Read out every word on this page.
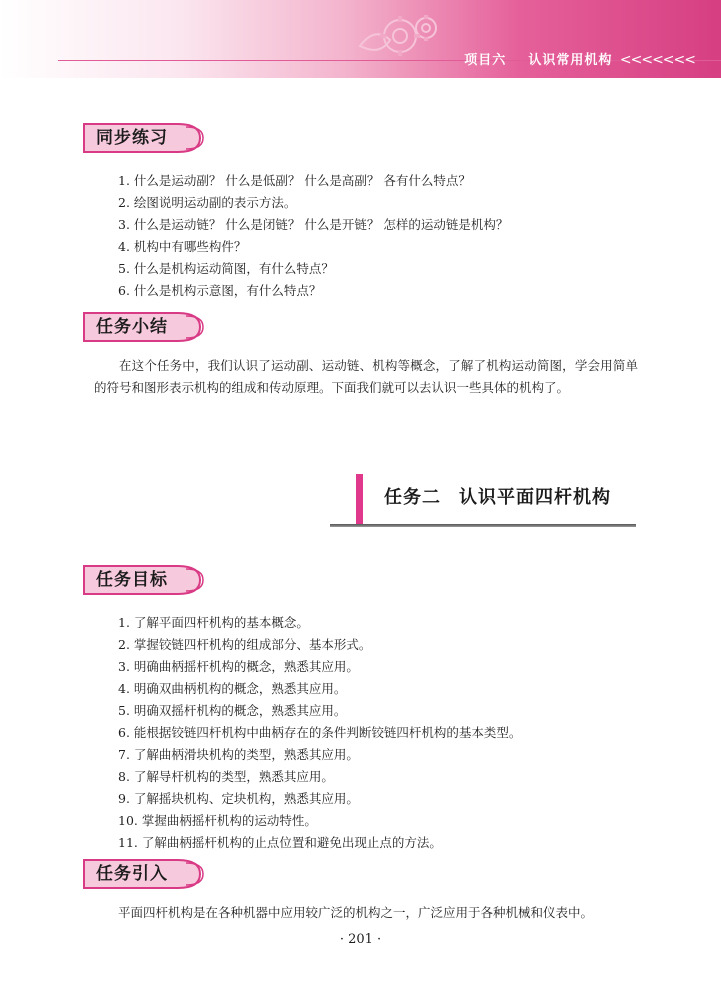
项目六 认识常用机构 <<<<<<<
同步练习
1. 什么是运动副？ 什么是低副？ 什么是高副？ 各有什么特点？
2. 绘图说明运动副的表示方法。
3. 什么是运动链？ 什么是闭链？ 什么是开链？ 怎样的运动链是机构？
4. 机构中有哪些构件？
5. 什么是机构运动简图，有什么特点？
6. 什么是机构示意图，有什么特点？
任务小结

在这个任务中，我们认识了运动副、运动链、机构等概念，了解了机构运动简图，学会用简单的符号和图形表示机构的组成和传动原理。下面我们就可以去认识一些具体的机构了。

任务二 认识平面四杆机构
任务目标
1. 了解平面四杆机构的基本概念。
2. 掌握铰链四杆机构的组成部分、基本形式。
3. 明确曲柄摇杆机构的概念，熟悉其应用。
4. 明确双曲柄机构的概念，熟悉其应用。
5. 明确双摇杆机构的概念，熟悉其应用。
6. 能根据铰链四杆机构中曲柄存在的条件判断铰链四杆机构的基本类型。
7. 了解曲柄滑块机构的类型，熟悉其应用。
8. 了解导杆机构的类型，熟悉其应用。
9. 了解摇块机构、定块机构，熟悉其应用。
10. 掌握曲柄摇杆机构的运动特性。
11. 了解曲柄摇杆机构的止点位置和避免出现止点的方法。
任务引入
平面四杆机构是在各种机器中应用较广泛的机构之一，广泛应用于各种机械和仪表中。
· 201 ·
